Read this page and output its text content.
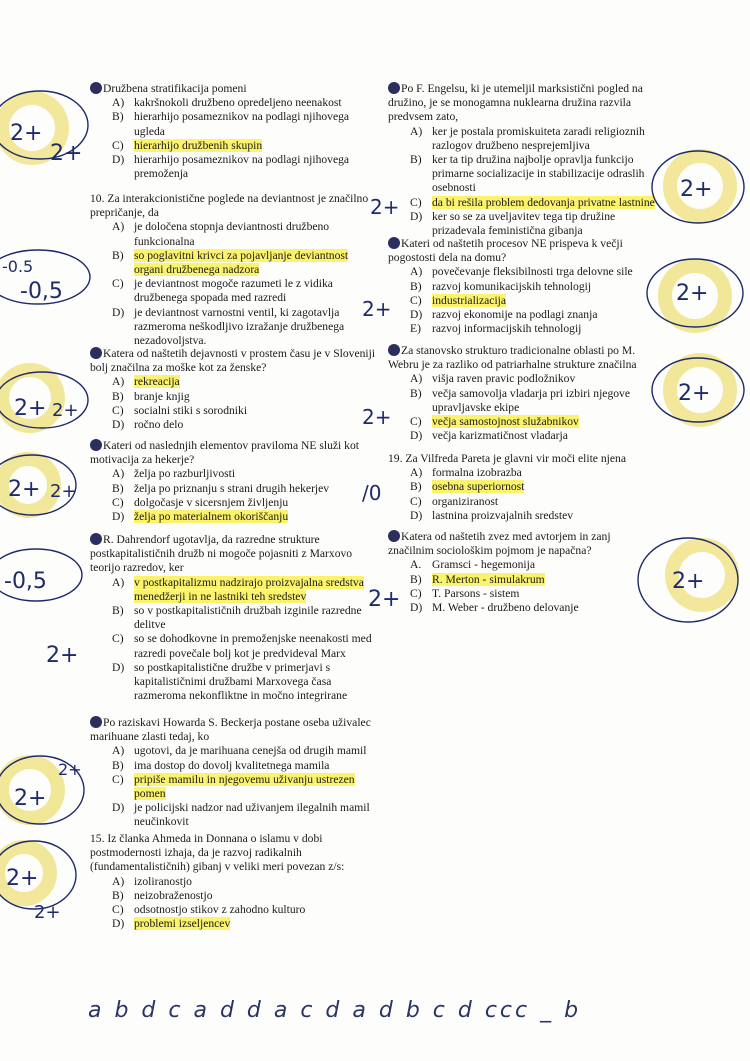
Družbena stratifikacija pomeni
A) kakršnokoli družbeno opredeljeno neenakost
B) hierarhijo posameznikov na podlagi njihovega ugleda
C) hierarhijo družbenih skupin
D) hierarhijo posameznikov na podlagi njihovega premoženja
10. Za interakcionistične poglede na deviantnost je značilno prepričanje, da
A) je določena stopnja deviantnosti družbeno funkcionalna
B) so poglavitni krivci za pojavljanje deviantnost organi družbenega nadzora
C) je deviantnost mogoče razumeti le z vidika družbenega spopada med razredi
D) je deviantnost varnostni ventil, ki zagotavlja razmeroma neškodljivo izražanje družbenega nezadovoljstva.
Katera od naštetih dejavnosti v prostem času je v Sloveniji bolj značilna za moške kot za ženske?
A) rekreacija
B) branje knjig
C) socialni stiki s sorodniki
D) ročno delo
Kateri od naslednjih elementov praviloma NE služi kot motivacija za hekerje?
A) želja po razburljivosti
B) želja po priznanju s strani drugih hekerjev
C) dolgočasje v sicersnjem življenju
D) želja po materialnem okoriščanju
R. Dahrendorf ugotavlja, da razredne strukture postkapitalističnih družb ni mogoče pojasniti z Marxovo teorijo razredov, ker
A) v postkapitalizmu nadzirajo proizvajalna sredstva menedžerji in ne lastniki teh sredstev
B) so v postkapitalističnih družbah izginile razredne delitve
C) so se dohodkovne in premoženjske neenakosti med razredi povečale bolj kot je predvideval Marx
D) so postkapitalistične družbe v primerjavi s kapitalističnimi družbami Marxovega časa razmeroma nekonfliktne in močno integrirane
Po raziskavi Howarda S. Beckerja postane oseba uživalec marihuane zlasti tedaj, ko
A) ugotovi, da je marihuana cenejša od drugih mamil
B) ima dostop do dovolj kvalitetnega mamila
C) pripiše mamilu in njegovemu uživanju ustrezen pomen
D) je policijski nadzor nad uživanjem ilegalnih mamil neučinkovit
15. Iz članka Ahmeda in Donnana o islamu v dobi postmodernosti izhaja, da je razvoj radikalnih (fundamentalističnih) gibanj v veliki meri povezan z/s:
A) izoliranostjo
B) neizobraženostjo
C) odsotnostjo stikov z zahodno kulturo
D) problemi izseljencev
Po F. Engelsu, ki je utemeljil marksistični pogled na družino, je se monogamna nuklearna družina razvila predvsem zato,
A) ker je postala promiskuiteta zaradi religioznih razlogov družbeno nesprejemljiva
B) ker ta tip družina najbolje opravlja funkcijo primarne socializacije in stabilizacije odraslih osebnosti
C) da bi rešila problem dedovanja privatne lastnine
D) ker so se za uveljavitev tega tip družine prizadevala feministična gibanja
Kateri od naštetih procesov NE prispeva k večji pogostosti dela na domu?
A) povečevanje fleksibilnosti trga delovne sile
B) razvoj komunikacijskih tehnologij
C) industrializacija
D) razvoj ekonomije na podlagi znanja
E) razvoj informacijskih tehnologij
Za stanovsko strukturo tradicionalne oblasti po M. Webru je za razliko od patriarhalne strukture značilna
A) višja raven pravic podložnikov
B) večja samovolja vladarja pri izbiri njegove upravljavske ekipe
C) večja samostojnost služabnikov
D) večja karizmatičnost vladarja
19. Za Vilfreda Pareta je glavni vir moči elite njena
A) formalna izobrazba
B) osebna superiornost
C) organiziranost
D) lastnina proizvajalnih sredstev
Katera od naštetih zvez med avtorjem in zanj značilnim sociološkim pojmom je napačna?
A. Gramsci - hegemonija
B) R. Merton - simulakrum
C) T. Parsons - sistem
D) M. Weber - družbeno delovanje
2+
2+
-0.5
-0,5
2+ 2+
2+ 2+
-0,5
2+
2+
2+
2+
2+
2+
2+
2+
2+
2+
2+
2+
2+
/0
a b d c a d d a c d a d b c d ccc _ b
